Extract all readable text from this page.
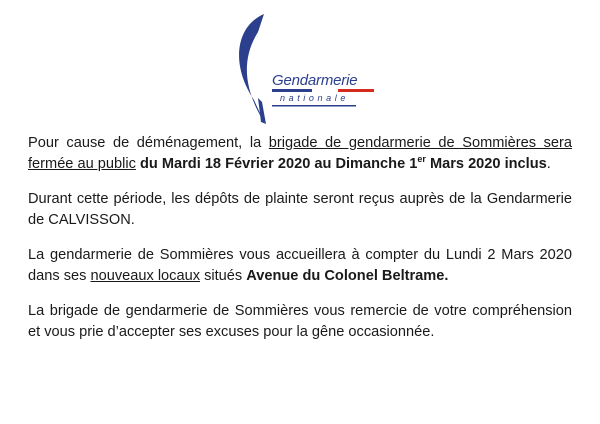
Gendarmerie
nationale

Pour cause de déménagement, la brigade de gendarmerie de Sommières sera fermée au public du Mardi 18 Février 2020 au Dimanche 1er Mars 2020 inclus.

Durant cette période, les dépôts de plainte seront reçus auprès de la Gendarmerie de CALVISSON.

La gendarmerie de Sommières vous accueillera à compter du Lundi 2 Mars 2020 dans ses nouveaux locaux situés Avenue du Colonel Beltrame.

La brigade de gendarmerie de Sommières vous remercie de votre compréhension et vous prie d’accepter ses excuses pour la gêne occasionnée.
